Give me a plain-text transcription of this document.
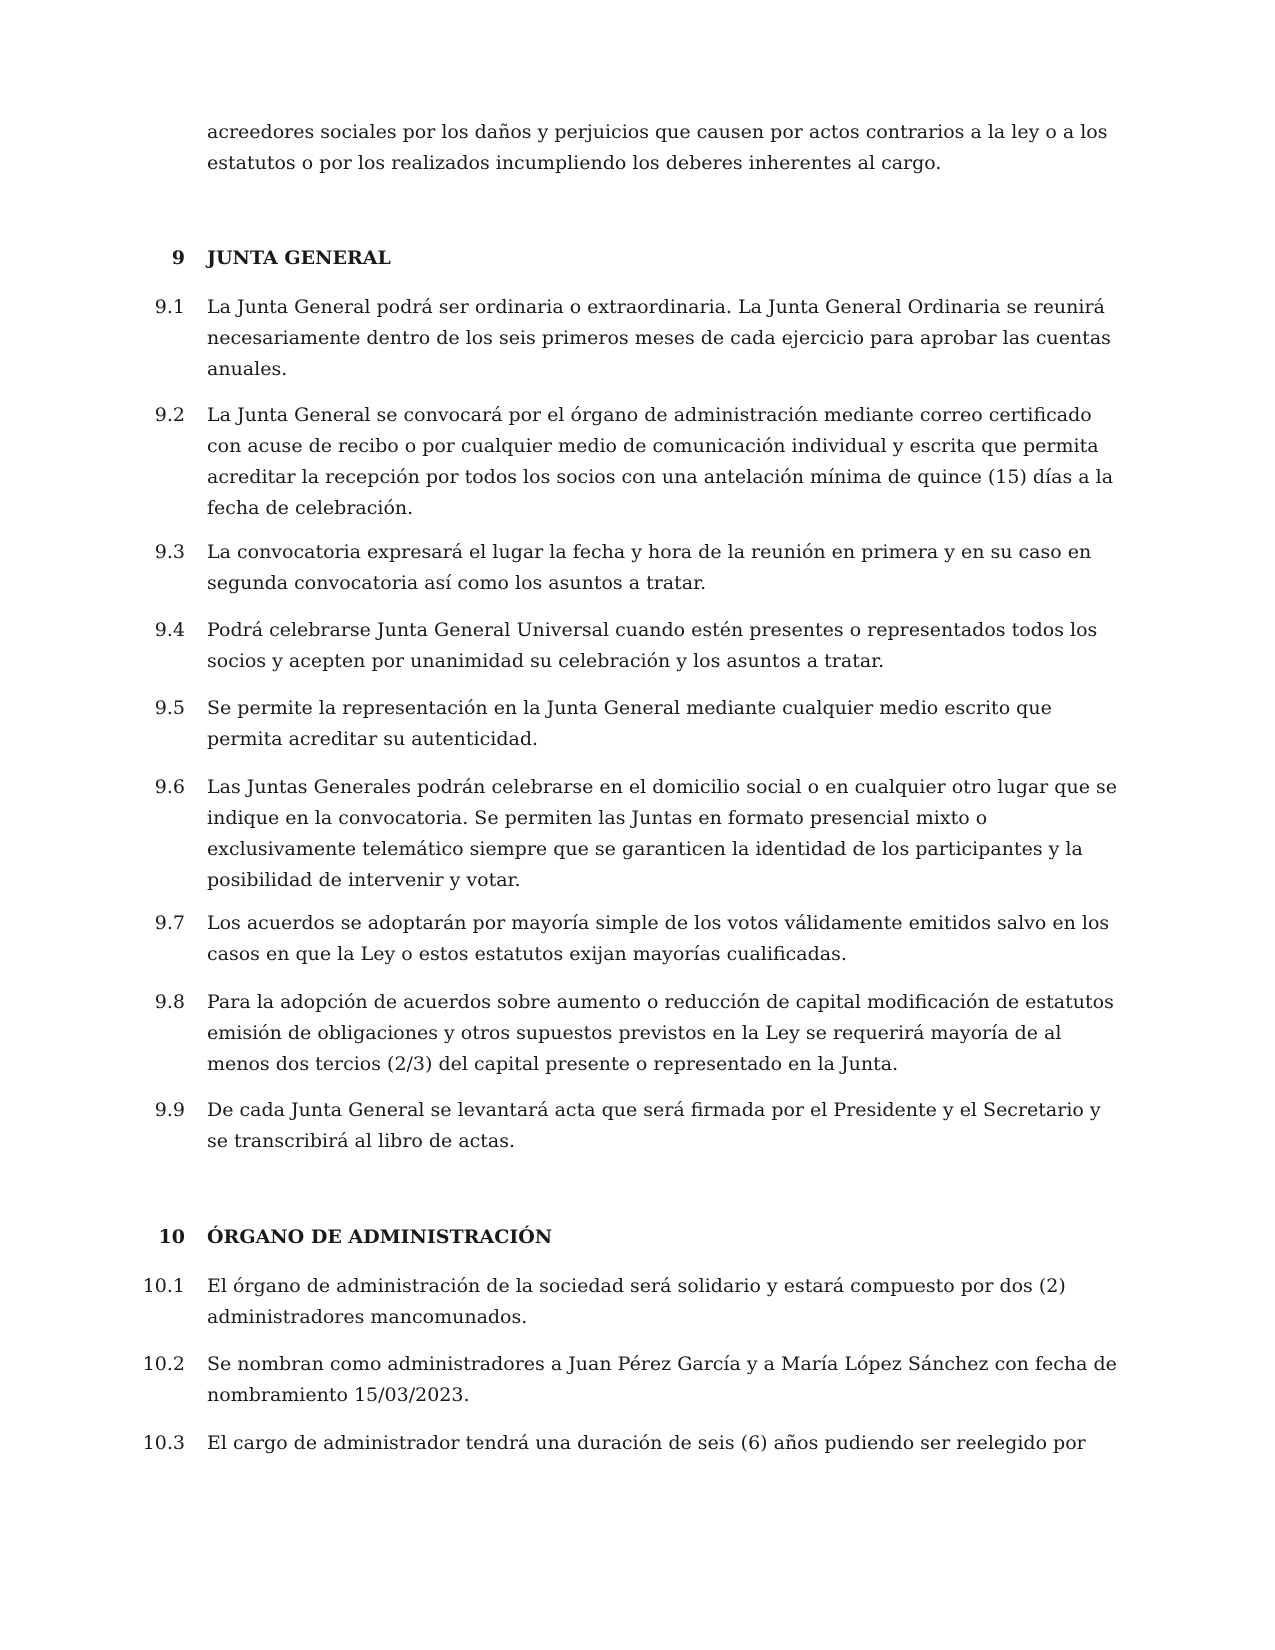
acreedores sociales por los daños y perjuicios que causen por actos contrarios a la ley o a los estatutos o por los realizados incumpliendo los deberes inherentes al cargo.
9 JUNTA GENERAL
9.1 La Junta General podrá ser ordinaria o extraordinaria. La Junta General Ordinaria se reunirá necesariamente dentro de los seis primeros meses de cada ejercicio para aprobar las cuentas anuales.
9.2 La Junta General se convocará por el órgano de administración mediante correo certificado con acuse de recibo o por cualquier medio de comunicación individual y escrita que permita acreditar la recepción por todos los socios con una antelación mínima de quince (15) días a la fecha de celebración.
9.3 La convocatoria expresará el lugar la fecha y hora de la reunión en primera y en su caso en segunda convocatoria así como los asuntos a tratar.
9.4 Podrá celebrarse Junta General Universal cuando estén presentes o representados todos los socios y acepten por unanimidad su celebración y los asuntos a tratar.
9.5 Se permite la representación en la Junta General mediante cualquier medio escrito que permita acreditar su autenticidad.
9.6 Las Juntas Generales podrán celebrarse en el domicilio social o en cualquier otro lugar que se indique en la convocatoria. Se permiten las Juntas en formato presencial mixto o exclusivamente telemático siempre que se garanticen la identidad de los participantes y la posibilidad de intervenir y votar.
9.7 Los acuerdos se adoptarán por mayoría simple de los votos válidamente emitidos salvo en los casos en que la Ley o estos estatutos exijan mayorías cualificadas.
9.8 Para la adopción de acuerdos sobre aumento o reducción de capital modificación de estatutos emisión de obligaciones y otros supuestos previstos en la Ley se requerirá mayoría de al menos dos tercios (2/3) del capital presente o representado en la Junta.
9.9 De cada Junta General se levantará acta que será firmada por el Presidente y el Secretario y se transcribirá al libro de actas.
10 ÓRGANO DE ADMINISTRACIÓN
10.1 El órgano de administración de la sociedad será solidario y estará compuesto por dos (2) administradores mancomunados.
10.2 Se nombran como administradores a Juan Pérez García y a María López Sánchez con fecha de nombramiento 15/03/2023.
10.3 El cargo de administrador tendrá una duración de seis (6) años pudiendo ser reelegido por
